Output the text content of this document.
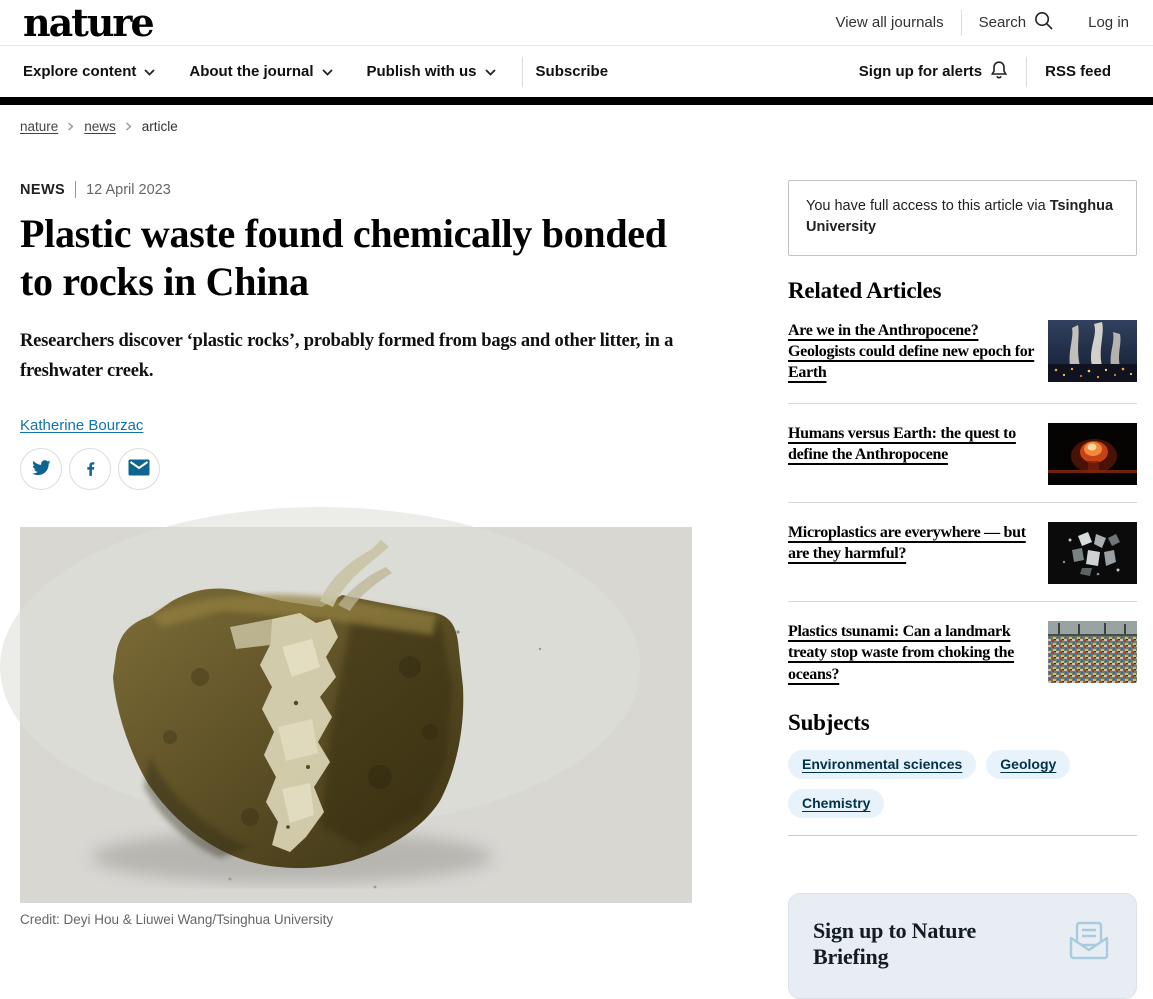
nature	View all journals	Search	Log in
Explore content	About the journal	Publish with us	Subscribe	Sign up for alerts	RSS feed
nature news article
NEWS 12 April 2023
Plastic waste found chemically bonded to rocks in China

Researchers discover ‘plastic rocks’, probably formed from bags and other litter, in a freshwater creek.

Katherine Bourzac
Credit: Deyi Hou & Liuwei Wang/Tsinghua University
You have full access to this article via Tsinghua University
Related Articles
Are we in the Anthropocene? Geologists could define new epoch for Earth
Humans versus Earth: the quest to define the Anthropocene
Microplastics are everywhere — but are they harmful?
Plastics tsunami: Can a landmark treaty stop waste from choking the oceans?
Subjects
Environmental sciences	Geology
Chemistry
Sign up to Nature Briefing
